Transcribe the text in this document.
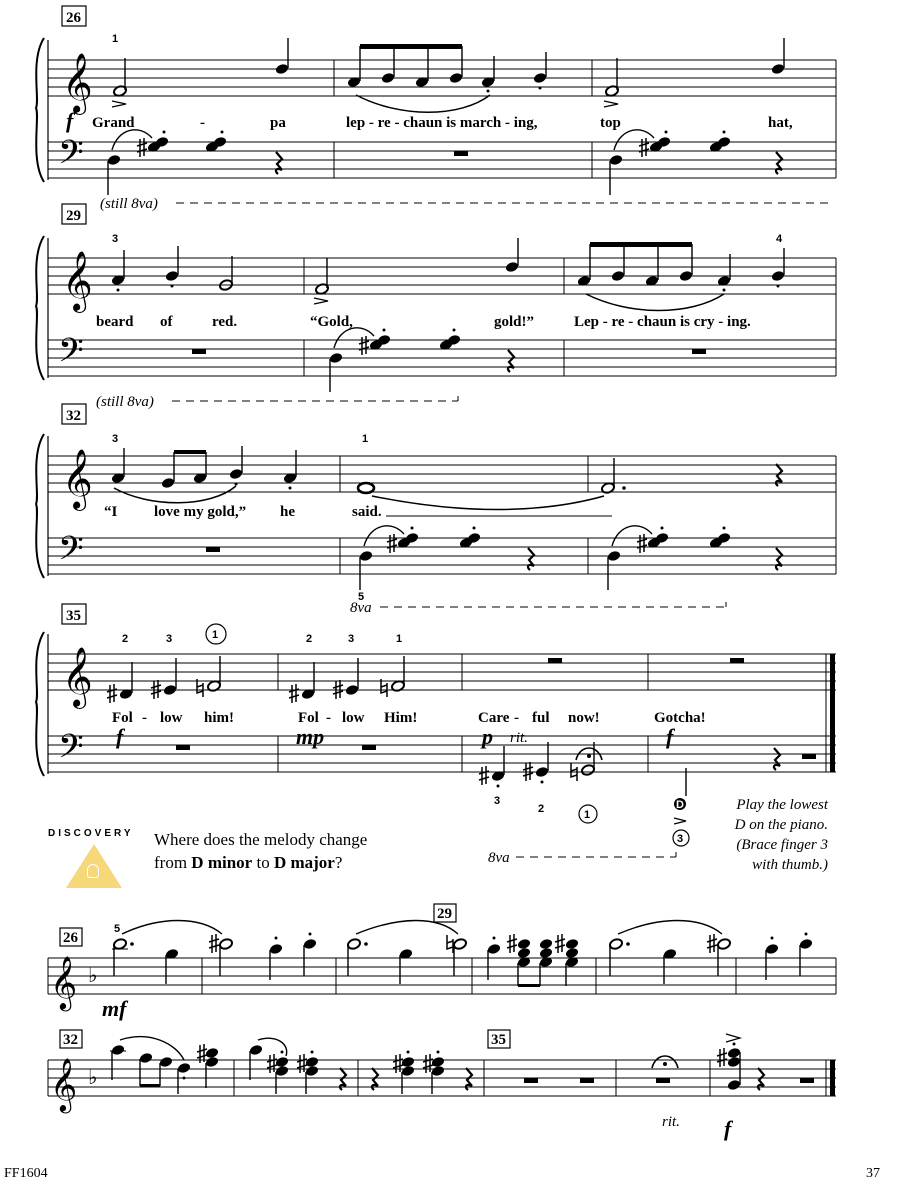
𝄞
𝄢
26
1
f Grand	-	pa	lep - re - chaun is march - ing,	top	hat,
(still 8va)
𝄞
𝄢
29
3	4
beard of	red.	“Gold,	gold!”	Lep - re - chaun is cry - ing.
(still 8va)
𝄞
𝄢
32
3	1
“I love my gold,” he	said.
5
8va
𝄞
𝄢
35
2	3	1	2	3	1
Fol - low him!	Fol - low Him!	Care - ful now!	Gotcha!
f	mp	p rit.	f
3
2	1
D
3
8va
𝄞 ♭
26
29
5
mf
𝄞 ♭
32	35
rit. f
DISCOVERY Where does the melody change
from D minor to D major?
Play the lowest
D on the piano.
(Brace finger 3
with thumb.)
FF1604	37
